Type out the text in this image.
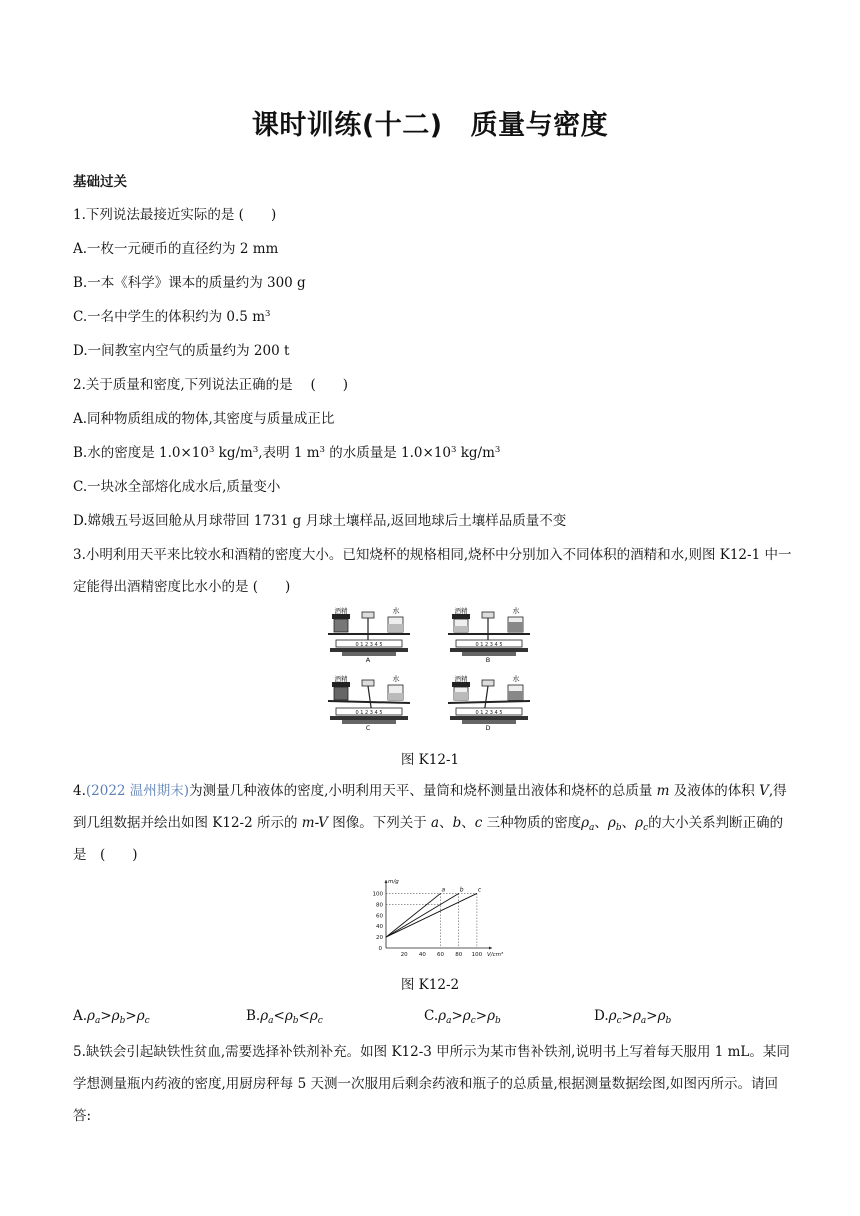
课时训练(十二) 质量与密度
基础过关
1.下列说法最接近实际的是 (　　)
A.一枚一元硬币的直径约为 2 mm
B.一本《科学》课本的质量约为 300 g
C.一名中学生的体积约为 0.5 $m^3$
D.一间教室内空气的质量约为 200 t
2.关于质量和密度,下列说法正确的是　 (　　)
A.同种物质组成的物体,其密度与质量成正比
B.水的密度是 $1.0\times 10^3$ $kg/m^3$,表明 1 $m^3$ 的水质量是 $1.0\times 10^3$ $kg/m^3$
C.一块冰全部熔化成水后,质量变小
D.嫦娥五号返回舱从月球带回 1731 g 月球土壤样品,返回地球后土壤样品质量不变
3.小明利用天平来比较水和酒精的密度大小。已知烧杯的规格相同,烧杯中分别加入不同体积的酒精和水,则图 K12-1 中一定能得出酒精密度比水小的是 (　　)
酒精	水
0 1 2 3 4 5
A
酒精	水
0 1 2 3 4 5
B
酒精	水
0 1 2 3 4 5
C
酒精	水
0 1 2 3 4 5
D
图 K12-1
4.(2022 温州期末)为测量几种液体的密度,小明利用天平、量筒和烧杯测量出液体和烧杯的总质量 m 及液体的体积 V,得到几组数据并绘出如图 K12-2 所示的 m-V 图像。下列关于 a、b、c 三种物质的密度$\rho_a$、$\rho_b$、$\rho_c$的大小关系判断正确的是　(　　)
m/g
V/cm³
0
20 40 60 80 100
20
40
60
80
100
a b c
图 K12-2
$A.\rho_a>\rho_b>\rho_c$	$B.\rho_a<\rho_b<\rho_c$	$C.\rho_a>\rho_c>\rho_b$	$D.\rho_c>\rho_a>\rho_b$
5.缺铁会引起缺铁性贫血,需要选择补铁剂补充。如图 K12-3 甲所示为某市售补铁剂,说明书上写着每天服用 1 mL。某同学想测量瓶内药液的密度,用厨房秤每 5 天测一次服用后剩余药液和瓶子的总质量,根据测量数据绘图,如图丙所示。请回答:
